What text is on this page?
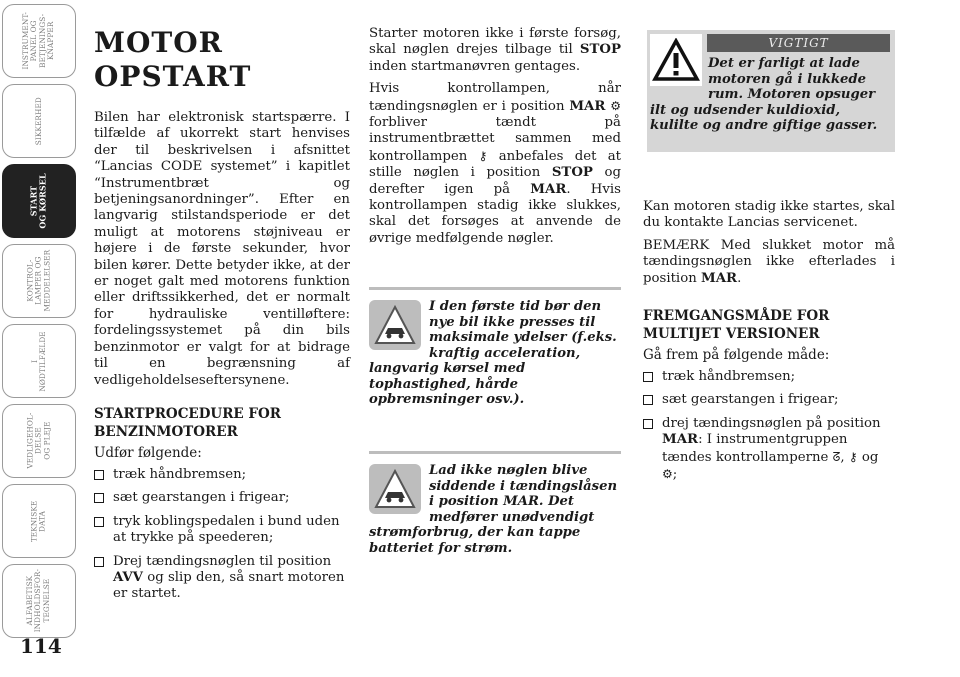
INSTRUMENT-
PANEL OG
BETJENINGS-
KNAPPER
SIKKERHED
START
OG KØRSEL
KONTROL-
LAMPER OG
MEDDELELSER
I
NØDTILFÆLDE
VEDLIGEHOL-
DELSE
OG PLEJE
TEKNISKE
DATA
ALFABETISK
INDHOLDSFOR-
TEGNELSE
114
MOTOR OPSTART

Bilen har elektronisk startspærre. I tilfælde af ukorrekt start henvises der til beskrivelsen i afsnittet “Lancias CODE systemet” i kapitlet “Instrumentbræt og betjeningsanordninger”. Efter en langvarig stilstandsperiode er det muligt at motorens støjniveau er højere i de første sekunder, hvor bilen kører. Dette betyder ikke, at der er noget galt med motorens funktion eller driftssikkerhed, det er normalt for hydrauliske ventilløftere: fordelingssystemet på din bils benzinmotor er valgt for at bidrage til en begrænsning af vedligeholdelseseftersynene.

STARTPROCEDURE FOR BENZINMOTORER
Udfør følgende:
træk håndbremsen;
sæt gearstangen i frigear;
tryk koblingspedalen i bund uden at trykke på speederen;
Drej tændingsnøglen til position AVV og slip den, så snart motoren er startet.

Starter motoren ikke i første forsøg, skal nøglen drejes tilbage til STOP inden startmanøvren gentages.

Hvis kontrollampen, når tændingsnøglen er i position MAR ⚙ forbliver tændt på instrumentbrættet sammen med kontrollampen ⚷ anbefales det at stille nøglen i position STOP og derefter igen på MAR. Hvis kontrollampen stadig ikke slukkes, skal det forsøges at anvende de øvrige medfølgende nøgler.

I den første tid bør den nye bil ikke presses til maksimale ydelser (f.eks. kraftig acceleration, langvarig kørsel med tophastighed, hårde opbremsninger osv.).
Lad ikke nøglen blive siddende i tændingslåsen i position MAR. Det medfører unødvendigt strømforbrug, der kan tappe batteriet for strøm.
VIGTIGT
Det er farligt at lade motoren gå i lukkede rum. Motoren opsuger ilt og udsender kuldioxid, kulilte og andre giftige gasser.

Kan motoren stadig ikke startes, skal du kontakte Lancias servicenet.

BEMÆRK Med slukket motor må tændingsnøglen ikke efterlades i position MAR.

FREMGANGSMÅDE FOR MULTIJET VERSIONER
Gå frem på følgende måde:
træk håndbremsen;
sæt gearstangen i frigear;
drej tændingsnøglen på position MAR: I instrumentgruppen tændes kontrollamperne ᘔ, ⚷ og ⚙;
